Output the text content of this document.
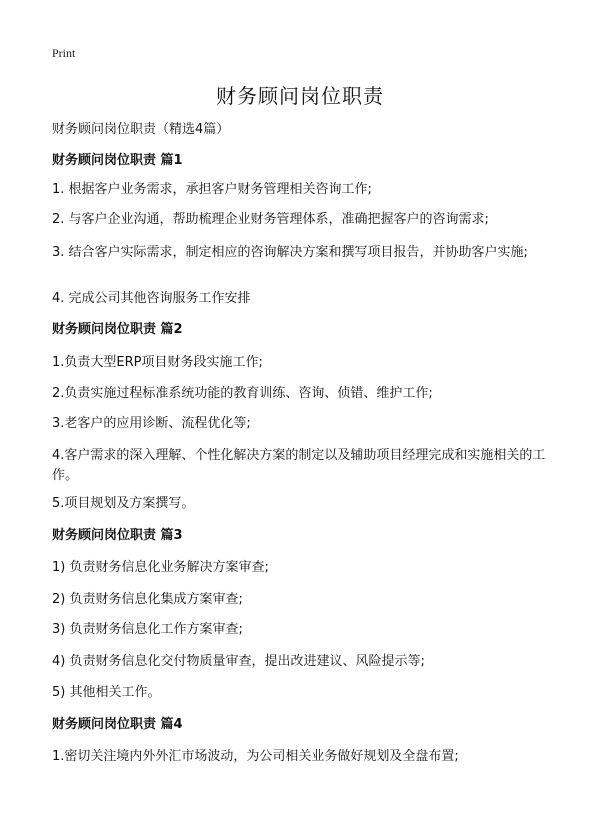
Print
财务顾问岗位职责
财务顾问岗位职责（精选4篇）
财务顾问岗位职责 篇1
1. 根据客户业务需求，承担客户财务管理相关咨询工作;
2. 与客户企业沟通，帮助梳理企业财务管理体系，准确把握客户的咨询需求;
3. 结合客户实际需求，制定相应的咨询解决方案和撰写项目报告，并协助客户实施;
4. 完成公司其他咨询服务工作安排
财务顾问岗位职责 篇2
1.负责大型ERP项目财务段实施工作;
2.负责实施过程标准系统功能的教育训练、咨询、侦错、维护工作;
3.老客户的应用诊断、流程优化等;
4.客户需求的深入理解、个性化解决方案的制定以及辅助项目经理完成和实施相关的工作。
5.项目规划及方案撰写。
财务顾问岗位职责 篇3
1) 负责财务信息化业务解决方案审查;
2) 负责财务信息化集成方案审查;
3) 负责财务信息化工作方案审查;
4) 负责财务信息化交付物质量审查，提出改进建议、风险提示等;
5) 其他相关工作。
财务顾问岗位职责 篇4
1.密切关注境内外外汇市场波动，为公司相关业务做好规划及全盘布置;
